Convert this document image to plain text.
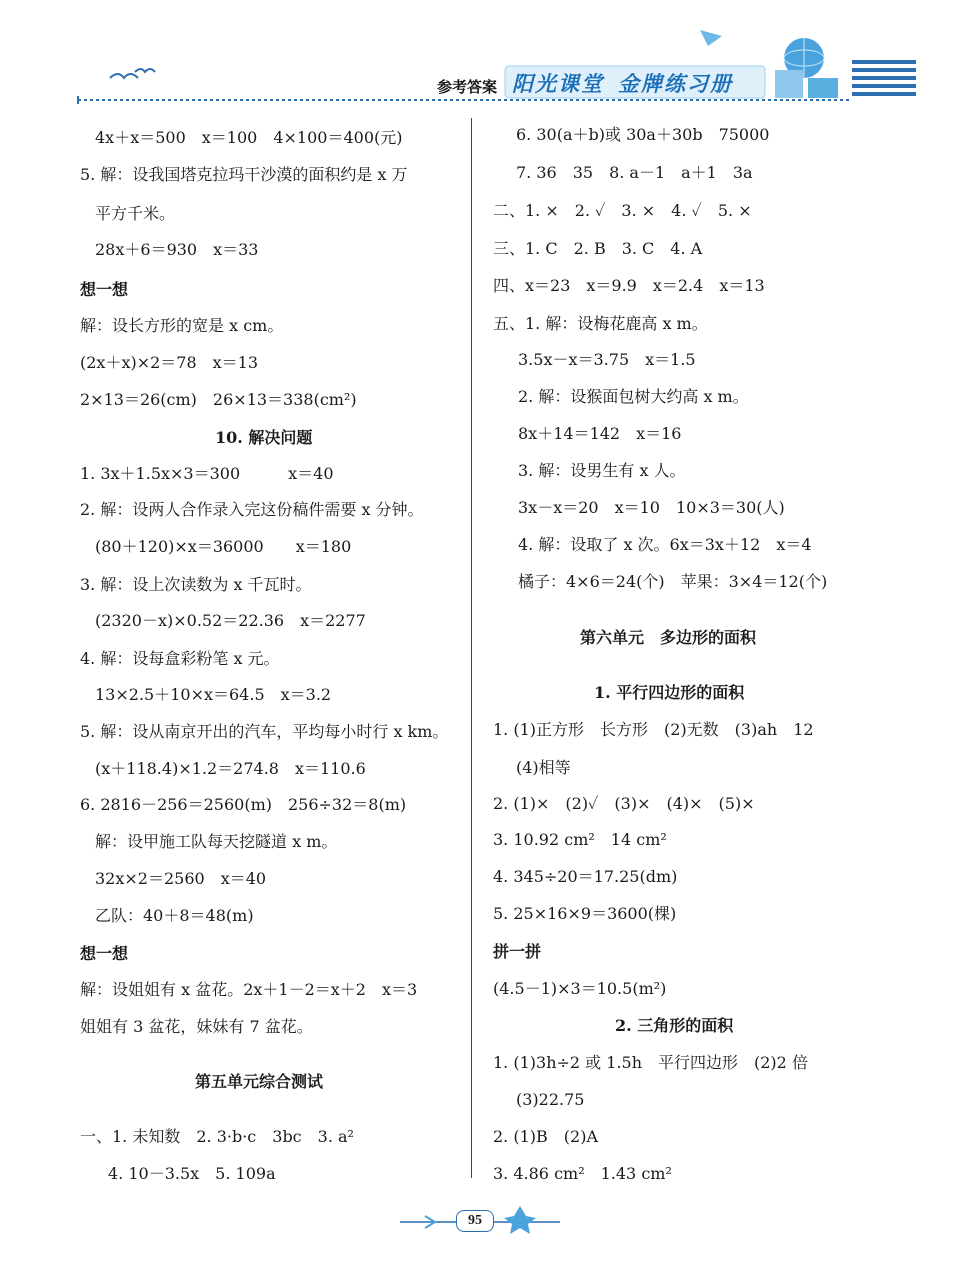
参考答案 阳光课堂 金牌练习册
95
4x＋x＝500　x＝100　4×100＝400(元)
5. 解：设我国塔克拉玛干沙漠的面积约是 x 万
平方千米。
28x＋6＝930　x＝33
想一想
解：设长方形的宽是 x cm。
(2x＋x)×2＝78　x＝13
2×13＝26(cm)　26×13＝338(cm²)
10. 解决问题
1. 3x＋1.5x×3＝300　　　x＝40
2. 解：设两人合作录入完这份稿件需要 x 分钟。
(80＋120)×x＝36000　　x＝180
3. 解：设上次读数为 x 千瓦时。
(2320－x)×0.52＝22.36　x＝2277
4. 解：设每盒彩粉笔 x 元。
13×2.5＋10×x＝64.5　x＝3.2
5. 解：设从南京开出的汽车，平均每小时行 x km。
(x＋118.4)×1.2＝274.8　x＝110.6
6. 2816－256＝2560(m)　256÷32＝8(m)
解：设甲施工队每天挖隧道 x m。
32x×2＝2560　x＝40
乙队：40＋8＝48(m)
想一想
解：设姐姐有 x 盆花。2x＋1－2＝x＋2　x＝3
姐姐有 3 盆花，妹妹有 7 盆花。
第五单元综合测试
一、1. 未知数　2. 3·b·c　3bc　3. a²
4. 10－3.5x　5. 109a
6. 30(a＋b)或 30a＋30b　75000
7. 36　35　8. a－1　a＋1　3a
二、1. ×　2. ✓　3. ×　4. ✓　5. ×
三、1. C　2. B　3. C　4. A
四、x＝23　x＝9.9　x＝2.4　x＝13
五、1. 解：设梅花鹿高 x m。
3.5x－x＝3.75　x＝1.5
2. 解：设猴面包树大约高 x m。
8x＋14＝142　x＝16
3. 解：设男生有 x 人。
3x－x＝20　x＝10　10×3＝30(人)
4. 解：设取了 x 次。6x＝3x＋12　x＝4
橘子：4×6＝24(个)　苹果：3×4＝12(个)
第六单元　多边形的面积
1. 平行四边形的面积
1. (1)正方形　长方形　(2)无数　(3)ah　12
(4)相等
2. (1)×　(2)✓　(3)×　(4)×　(5)×
3. 10.92 cm²　14 cm²
4. 345÷20＝17.25(dm)
5. 25×16×9＝3600(棵)
拼一拼
(4.5－1)×3＝10.5(m²)
2. 三角形的面积
1. (1)3h÷2 或 1.5h　平行四边形　(2)2 倍
(3)22.75
2. (1)B　(2)A
3. 4.86 cm²　1.43 cm²
